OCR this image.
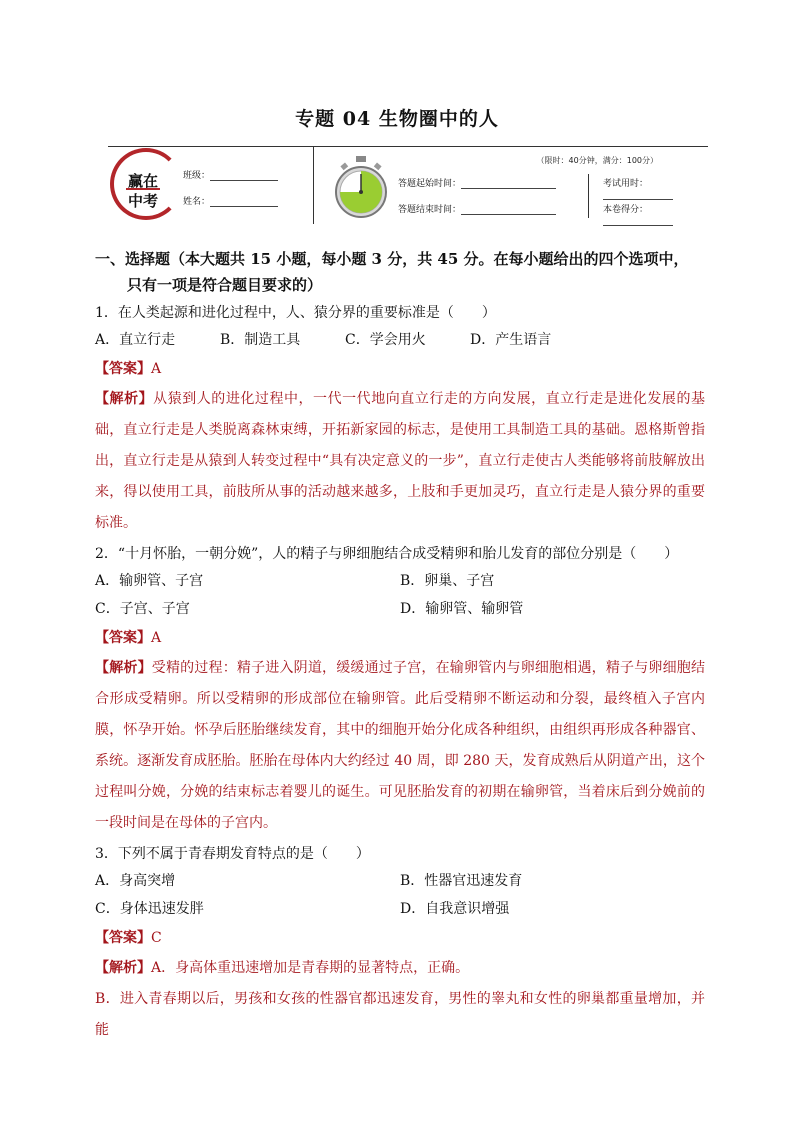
专题 04 生物圈中的人
赢在
中考
班级：
姓名：
（限时：40分钟，满分：100分）
答题起始时间：
答题结束时间：
考试用时：
本卷得分：
一、选择题（本大题共 15 小题，每小题 3 分，共 45 分。在每小题给出的四个选项中，
只有一项是符合题目要求的）
1．在人类起源和进化过程中，人、猿分界的重要标准是（　　）
A．直立行走	B．制造工具	C．学会用火	D．产生语言
【答案】A
【解析】从猿到人的进化过程中，一代一代地向直立行走的方向发展，直立行走是进化发展的基础，直立行走是人类脱离森林束缚，开拓新家园的标志，是使用工具制造工具的基础。恩格斯曾指出，直立行走是从猿到人转变过程中“具有决定意义的一步”，直立行走使古人类能够将前肢解放出来，得以使用工具，前肢所从事的活动越来越多，上肢和手更加灵巧，直立行走是人猿分界的重要标准。
2．“十月怀胎，一朝分娩”，人的精子与卵细胞结合成受精卵和胎儿发育的部位分别是（　　）
A．输卵管、子宫	B．卵巢、子宫
C．子宫、子宫	D．输卵管、输卵管
【答案】A
【解析】受精的过程：精子进入阴道，缓缓通过子宫，在输卵管内与卵细胞相遇，精子与卵细胞结合形成受精卵。所以受精卵的形成部位在输卵管。此后受精卵不断运动和分裂，最终植入子宫内膜，怀孕开始。怀孕后胚胎继续发育，其中的细胞开始分化成各种组织，由组织再形成各种器官、系统。逐渐发育成胚胎。胚胎在母体内大约经过 40 周，即 280 天，发育成熟后从阴道产出，这个过程叫分娩，分娩的结束标志着婴儿的诞生。可见胚胎发育的初期在输卵管，当着床后到分娩前的一段时间是在母体的子宫内。
3．下列不属于青春期发育特点的是（　　）
A．身高突增	B．性器官迅速发育
C．身体迅速发胖	D．自我意识增强
【答案】C
【解析】A．身高体重迅速增加是青春期的显著特点，正确。
B．进入青春期以后，男孩和女孩的性器官都迅速发育，男性的睾丸和女性的卵巢都重量增加，并能
